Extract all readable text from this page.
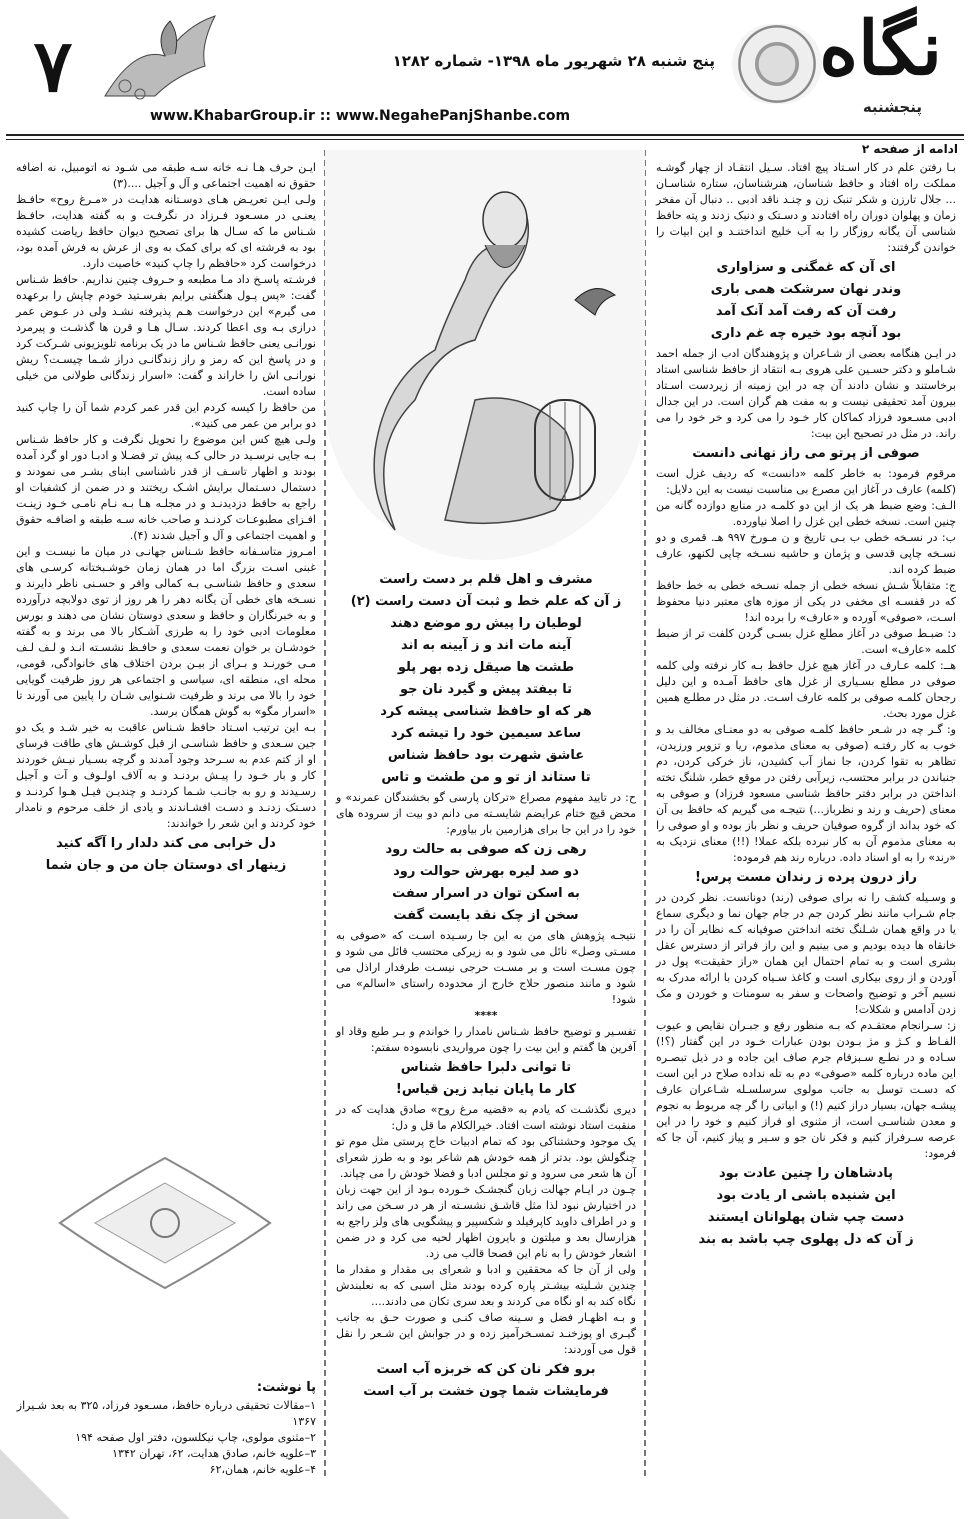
نگاه
پنجشنبه
پنج شنبه ۲۸ شهریور ماه ۱۳۹۸- شماره ۱۲۸۲
۷
www.KhabarGroup.ir :: www.NegahePanjShanbe.com
ادامه از صفحه ۲

بـا رفتن علم در کار اسـتاد پیچ افتاد. سـیل انتقـاد از چهار گوشـه مملکت راه افتاد و حافظ شناسان، هنرشناسان، ستاره شناسـان ... جلال تارزن و شکر تنبک زن و چنـد ناقد ادبی .. دنبال آن مفخر زمان و پهلوان دوران راه افتادند و دسـتک و دنبک زدند و پته حافظ شناسی آن یگانه روزگار را به آب خلیج انداختنـد و این ابیات را خواندن گرفتند:

ای آن که غمگنی و سزاواری
وندر نهان سرشکت همی باری
رفت آن که رفت آمد آنک آمد
بود آنچه بود خیره چه غم داری

در ایـن هنگامه بعضی از شـاعران و پژوهندگان ادب از جمله احمد شـاملو و دکتر حسـین علی هروی بـه انتقاد از حافظ شناسی استاد برخاستند و نشان دادند آن چه در این زمینه از زیردست اسـتاد بیرون آمد تحقیقی نیست و به مفت هم گران است. در این جدال ادبی مسـعود فرزاد کماکان کار خـود را می کرد و خر خود را می راند. در مثل در تصحیح این بیت:

صوفی از پرتو می راز نهانی دانست

مرقوم فرمود: به خاطر کلمه «دانست» که ردیف غزل است (کلمه) عارف در آغاز این مصرع بی مناسبت نیست به این دلایل:

الـف: وضع ضبط هر یک از این دو کلمـه در منابع دوازده گانه من چنین است. نسخه خطی این غزل را اصلا نیاورده.

ب: در نسـخه خطی ب بـی تاریخ و ن مـورخ ۹۹۷ هـ. قمری و دو نسـخه چاپی قدسی و پژمان و حاشیه نسـخه چاپی لکنهو، عارف ضبط کرده اند.

ج: متقابلاً شـش نسخه خطی از جمله نسـخه خطی به خط حافظ که در قفسـه ای مخفی در یکی از موزه های معتبر دنیا محفوظ اسـت، «صوفی» آورده و «عارف» را برده اند!

د: ضبـط صوفی در آغاز مطلع غزل بسـی گردن کلفت تر از ضبط کلمه «عارف» است.

هــ: کلمه عـارف در آغاز هیچ غزل حافظ بـه کار نرفته ولی کلمه صوفی در مطلع بسـیاری از غزل های حافظ آمـده و این دلیل رجحان کلمـه صوفی بر کلمه عارف اسـت. در مثل در مطلـع همین غزل مورد بحث.

و: گـر چه در شـعر حافظ کلمـه صوفی به دو معنـای مخالف بد و خوب به کار رفتـه (صوفی به معنای مذموم، ریا و تزویر ورزیدن، تظاهر به تقوا کردن، جا نماز آب کشیدن، ناز خرکی کردن، دم جنباندن در برابر محتسب، زیرآبی رفتن در موقع خطر، شلنگ تخته انداختن در برابر دفتر حافظ شناسی مسعود فرزاد) و صوفی به معنای (حریف و رند و نظرباز...) نتیجـه می گیریم که حافظ بی آن که خود بداند از گروه صوفیان حریف و نظر باز بوده و او صوفی را به معنای مذموم آن به کار نبرده بلکه عملا! (!!) معنای نزدیک به «رند» را به او اسناد داده. درباره رند هم فرموده:

راز درون پرده ز رندان مست پرس!

و وسـیله کشف را نه برای صوفی (رند) دونانست. نظر کردن در جام شـراب مانند نظر کردن جم در جام جهان نما و دیگری سماع یا در واقع همان شـلنگ تخته انداختن صوفیانه کـه نظایر آن را در خانقاه ها دیده بودیم و می بینیم و این راز فراتر از دسترس عقل بشری است و به تمام احتمال این همان «راز حقیقت» پول در آوردن و از روی بیکاری است و کاغذ سـیاه کردن با ارائه مدرک به نسیم آخر و توضیح واضحات و سفر به سومنات و خوردن و مک زدن آدامس و شکلات!

ز: سـرانجام معتقـدم که بـه منظور رفع و جبـران نقایص و عیوب الفـاظ و کـژ و مژ بـودن بودن عبارات خـود در این گفتار (؟!) سـاده و در نطـع سـبزفام جرم صاف این جاده و در ذیل تبصـره این ماده درباره کلمه «صوفی» دم به تله نداده صلاح در این است که دسـت توسل به جانب مولوی سرسلسـله شـاعران عارف پیشـه جهان، بسیار دراز کنیم (!) و ابیاتی را گر چه مربوط به نجوم و معدن شناسـی است، از مثنوی او فراز کنیم و خود را در این عرصه سـرفراز کنیم و فکر نان جو و سـیر و پیاز کنیم، آن جا که فرمود:

پادشاهان را چنین عادت بود
این شنیده باشی ار یادت بود
دست چپ شان پهلوانان ایستند
ز آن که دل پهلوی چپ باشد به بند
مشرف و اهل قلم بر دست راست
ز آن که علم خط و ثبت آن دست راست (۲)
لوطیان را پیش رو موضع دهند
آینه مات اند و ز آیینه به اند
طشت ها صیقل زده بهر پلو
تا بیفتد پیش و گیرد نان جو
هر که او حافظ شناسی پیشه کرد
ساعد سیمین خود را تیشه کرد
عاشق شهرت بود حافظ شناس
تا ستاند از تو و من طشت و تاس

ح: در تایید مفهوم مصراع «ترکان پارسی گو بخشندگان عمرند» و محض قیچ ختام عرایضم شایسـته می دانم دو بیت از سروده های خود را در این جا برای هزارمین بار بیاورم:

رهی زن که صوفی به حالت رود
دو صد لیره بهرش حوالت رود
به اسکن توان در اسرار سفت
سخن از چک نقد بایست گفت

نتیجـه پژوهش های من به این جا رسـیده اسـت که «صوفی به مسـتی وصل» نائل می شود و به زیرکی محتسب قائل می شود و چون مسـت است و بر مسـت حرجی نیسـت طرفدار اراذل می شود و مانند منصور حلاج خارج از محدوده راستای «اسالم» می شود!

****

تفسـیر و توضیح حافظ شـناس نامدار را خواندم و بـر طبع وقاد او آفرین ها گفتم و این بیت را چون مرواریدی نابسوده سفتم:

تا توانی دلبرا حافظ شناس
کار ما پایان نیابد زین قیاس!

دیری نگذشـت که یادم به «قضیه مرغ روح» صادق هدایت که در منقبت استاد نوشته است افتاد. خیرالکلام ما قل و دل:

یک موجود وحشتناکی بود که تمام ادبیات خاج پرستی مثل موم تو چنگولش بود. بدتر از همه خودش هم شاعر بود و به طرز شعرای آن ها شعر می سرود و تو مجلس ادبا و فضلا خودش را می چپاند.

چـون در ایـام جهالت زبان گنجشـک خـورده بـود از این جهت زبان در اختیارش نبود لذا مثل قاشـق نشسـته از هر در سـخن می راند و در اطراف داوید کاپرفیلد و شکسپیر و پیشگویی های ولز راجع به هزارسال بعد و میلتون و بایرون اظهار لحیه می کرد و در ضمن اشعار خودش را به نام این فصحا قالب می زد.

ولی از آن جا که محققین و ادبا و شعرای بی مقدار و مقدار ما چندین شـلیته بیشـتر پاره کرده بودند مثل اسبی که به نعلبندش نگاه کند به او نگاه می کردند و بعد سری تکان می دادند....

و بـه اظهـار فضل و سـینه صاف کنـی و صورت حـق به جانب گیـری او پوزخنـد تمسـخرآمیز زده و در جوابش این شـعر را نقل قول می آوردند:

برو فکر نان کن که خربزه آب است
فرمایشات شما چون خشت بر آب است

ایـن حرف هـا نـه خانه سـه طبقه می شـود نه اتومبیل، نه اضافه حقوق نه اهمیت اجتماعی و آل و آجیل ....(۳)

ولـی ایـن تعریـض هـای دوسـتانه هدایـت در «مـرغ روح» حافـظ یعنـی در مسـعود فـرزاد در نگرفـت و به گفته هدایت، حافـظ شـناس ما که سـال ها برای تصحیح دیوان حافظ ریاضت کشیده بود به فرشته ای که برای کمک به وی از عرش به فرش آمده بود، درخواست کرد «حافظم را چاپ کنید» خاصیت دارد.

فرشـته پاسـخ داد مـا مطبعه و حـروف چنین نداریم. حافظ شـناس گفت: «پس پـول هنگفتی برایم بفرسـتید خودم چاپش را برعهده می گیرم» این درخواست هـم پذیرفته نشـد ولی در عـوض عمر درازی بـه وی اعطا کردند. سـال هـا و قرن ها گذشـت و پیرمرد نورانـی یعنی حافظ شـناس ما در یک برنامه تلویزیونی شـرکت کرد و در پاسخ این که رمز و راز زندگانـی دراز شـما چیسـت؟ ریش نورانـی اش را خاراند و گفت: «اسرار زندگانی طولانی من خیلی ساده است.

من حافظ را کیسه کردم این قدر عمر کردم شما آن را چاپ کنید دو برابر من عمر می کنید».

ولـی هیچ کس این موضوع را تحویل نگرفت و کار حافظ شـناس بـه جایی نرسـید در حالی کـه پیش تر فضـلا و ادبـا دور او گرد آمده بودند و اظهار تاسـف از قدر ناشناسی ابنای بشـر می نمودند و دستمال دسـتمال برایش اشـک ریختند و در ضمن از کشفیات او راجع به حافظ دزدیدنـد و در مجلـه هـا بـه نـام نامـی خـود زینـت افـزای مطبوعـات کردنـد و صاحب خانه سـه طبقه و اضافـه حقوق و اهمیت اجتماعی و آل و آجیل شدند (۴).

امـروز متاسـفانه حافظ شـناس جهانـی در میان ما نیسـت و این غبنی اسـت بزرگ اما در همان زمان خوشـبختانه کرسـی های سعدی و حافظ شناسـی بـه کمالی وافر و حسـنی ناظر دایرند و نسـخه های خطی آن یگانه دهر را هر روز از توی دولابچه درآورده و به خبرنگاران و حافظ و سعدی دوستان نشان می دهند و بورس معلومات ادبی خود را به طرزی آشـکار بالا می برند و به گفته خودشـان بر خوان نعمت سعدی و حافـظ نشسـته انـد و لـف لـف مـی خورنـد و بـرای از بیـن بردن اختلاف های خانوادگی، قومی، محله ای، منطقه ای، سیاسی و اجتماعی هر روز ظرفیت گویایی خود را بالا می برند و ظرفیت شـنوایی شـان را پایین می آورند تا «اسرار مگو» به گوش همگان برسد.

بـه این ترتیب اسـتاد حافظ شـناس عاقبت به خیر شـد و یک دو جین سـعدی و حافظ شناسـی از قبل کوشـش های طاقت فرسای او از کتم عدم به سـرحد وجود آمدند و گرچه بسـیار نیـش خوردند کار و بار خـود را پیـش بردنـد و به آلاف اولـوف و آت و آجیل رسـیدند و رو به جانـب شـما کردنـد و چندیـن فیـل هـوا کردنـد و دسـتک زدنـد و دسـت افشـاندند و یادی از خلف مرحوم و نامدار خود کردند و این شعر را خواندند:

دل خرابی می کند دلدار را آگه کنید
زینهار ای دوستان جان من و جان شما
پا نوشت:
۱–مقالات تحقیقی درباره حافظ، مسـعود فرزاد، ۳۲۵ به بعد شـیراز ۱۳۶۷
۲–مثنوی مولوی، چاپ نیکلسون، دفتر اول صفحه ۱۹۴
۳–علویه خانم، صادق هدایت، ۶۲، تهران ۱۳۴۲
۴–علویه خانم، همان،۶۲
